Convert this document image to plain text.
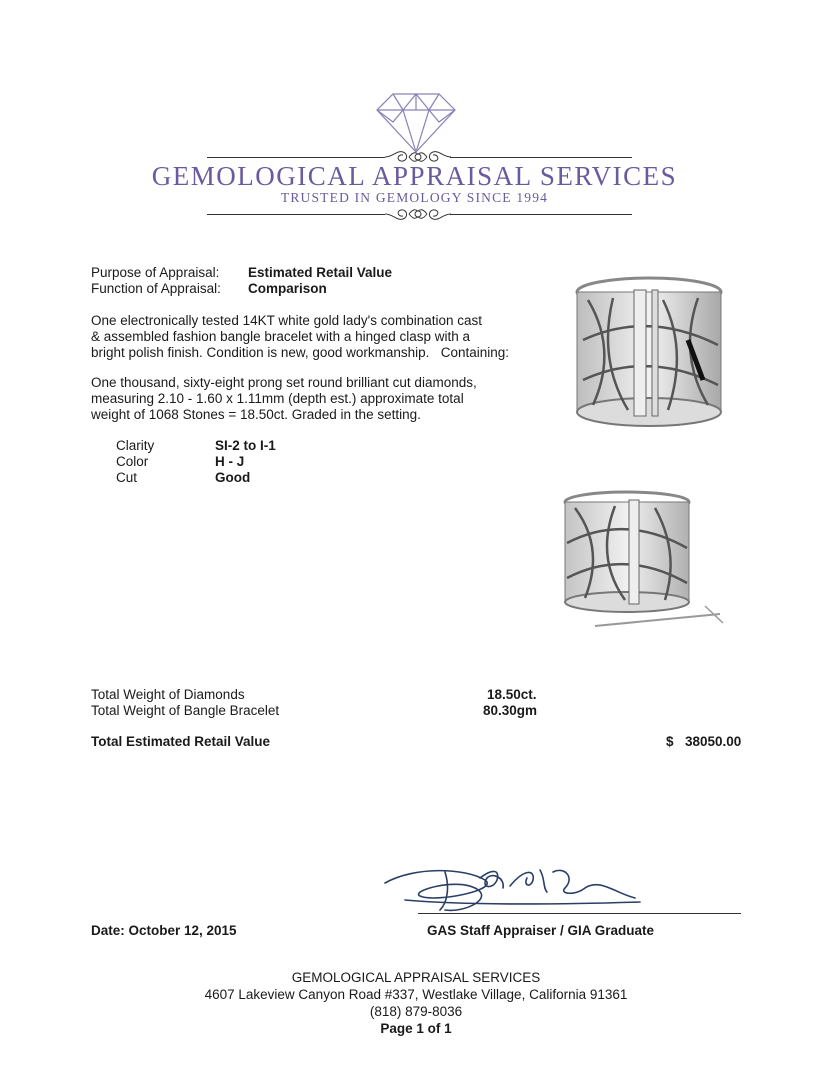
GEMOLOGICAL APPRAISAL SERVICES
TRUSTED IN GEMOLOGY SINCE 1994
Purpose of Appraisal: Estimated Retail Value
Function of Appraisal: Comparison
One electronically tested 14KT white gold lady's combination cast
& assembled fashion bangle bracelet with a hinged clasp with a
bright polish finish. Condition is new, good workmanship.   Containing:
One thousand, sixty-eight prong set round brilliant cut diamonds,
measuring 2.10 - 1.60 x 1.11mm (depth est.) approximate total
weight of 1068 Stones = 18.50ct. Graded in the setting.
Clarity	SI-2 to I-1
Color	H - J
Cut	Good
Total Weight of Diamonds	18.50ct.
Total Weight of Bangle Bracelet	80.30gm
Total Estimated Retail Value	$ 38050.00
Date: October 12, 2015	GAS Staff Appraiser / GIA Graduate
GEMOLOGICAL APPRAISAL SERVICES
4607 Lakeview Canyon Road #337, Westlake Village, California 91361
(818) 879-8036
Page 1 of 1
